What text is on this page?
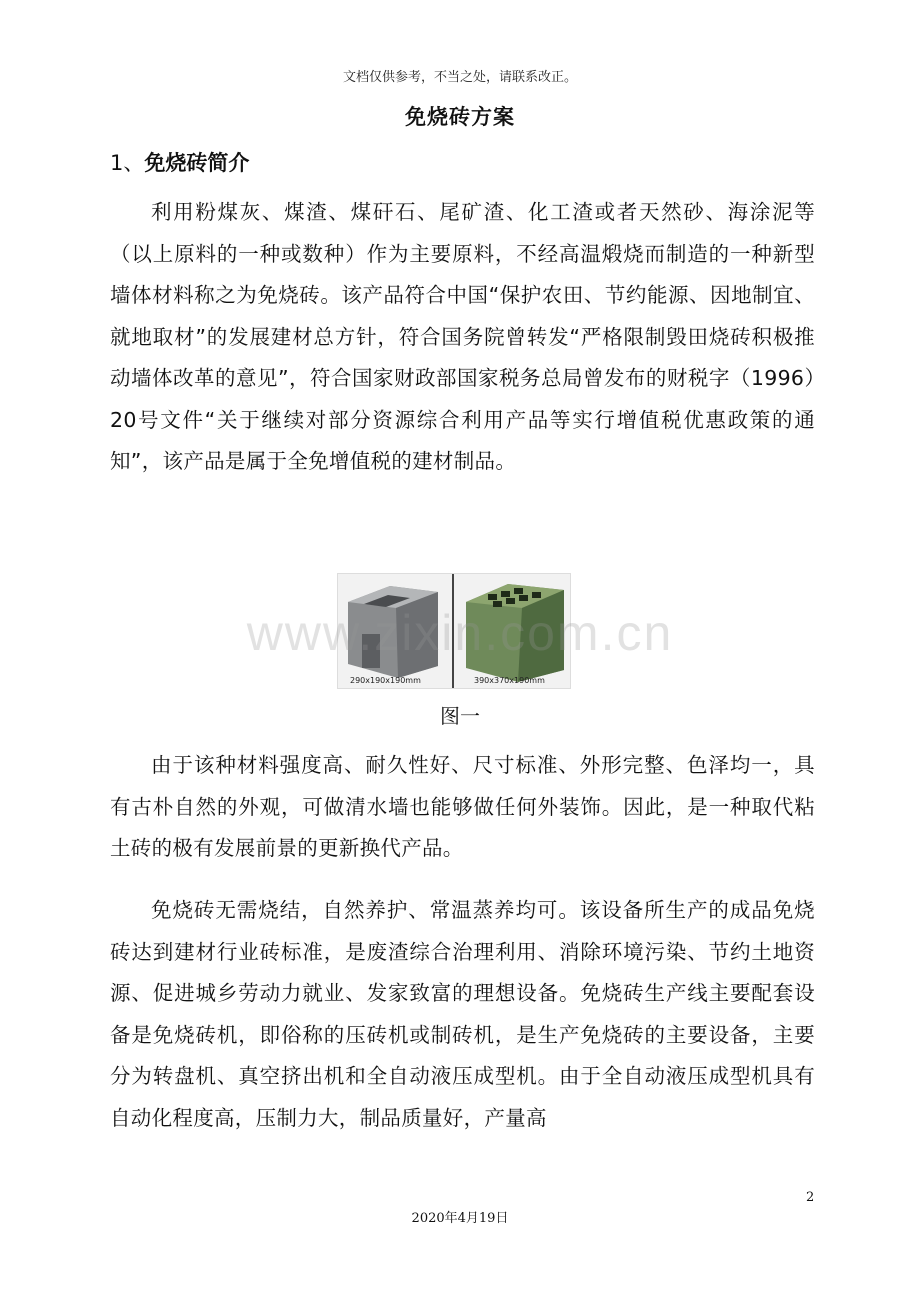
文档仅供参考，不当之处，请联系改正。
免烧砖方案
1、免烧砖简介

利用粉煤灰、煤渣、煤矸石、尾矿渣、化工渣或者天然砂、海涂泥等（以上原料的一种或数种）作为主要原料，不经高温煅烧而制造的一种新型墙体材料称之为免烧砖。该产品符合中国“保护农田、节约能源、因地制宜、就地取材”的发展建材总方针，符合国务院曾转发“严格限制毁田烧砖积极推动墙体改革的意见”，符合国家财政部国家税务总局曾发布的财税字（1996）20号文件“关于继续对部分资源综合利用产品等实行增值税优惠政策的通知”，该产品是属于全免增值税的建材制品。

290x190x190mm	390x370x190mm
www.zixin.com.cn
图一

由于该种材料强度高、耐久性好、尺寸标准、外形完整、色泽均一，具有古朴自然的外观，可做清水墙也能够做任何外装饰。因此，是一种取代粘土砖的极有发展前景的更新换代产品。

免烧砖无需烧结，自然养护、常温蒸养均可。该设备所生产的成品免烧砖达到建材行业砖标准，是废渣综合治理利用、消除环境污染、节约土地资源、促进城乡劳动力就业、发家致富的理想设备。免烧砖生产线主要配套设备是免烧砖机，即俗称的压砖机或制砖机，是生产免烧砖的主要设备，主要分为转盘机、真空挤出机和全自动液压成型机。由于全自动液压成型机具有自动化程度高，压制力大，制品质量好，产量高

2
2020年4月19日
